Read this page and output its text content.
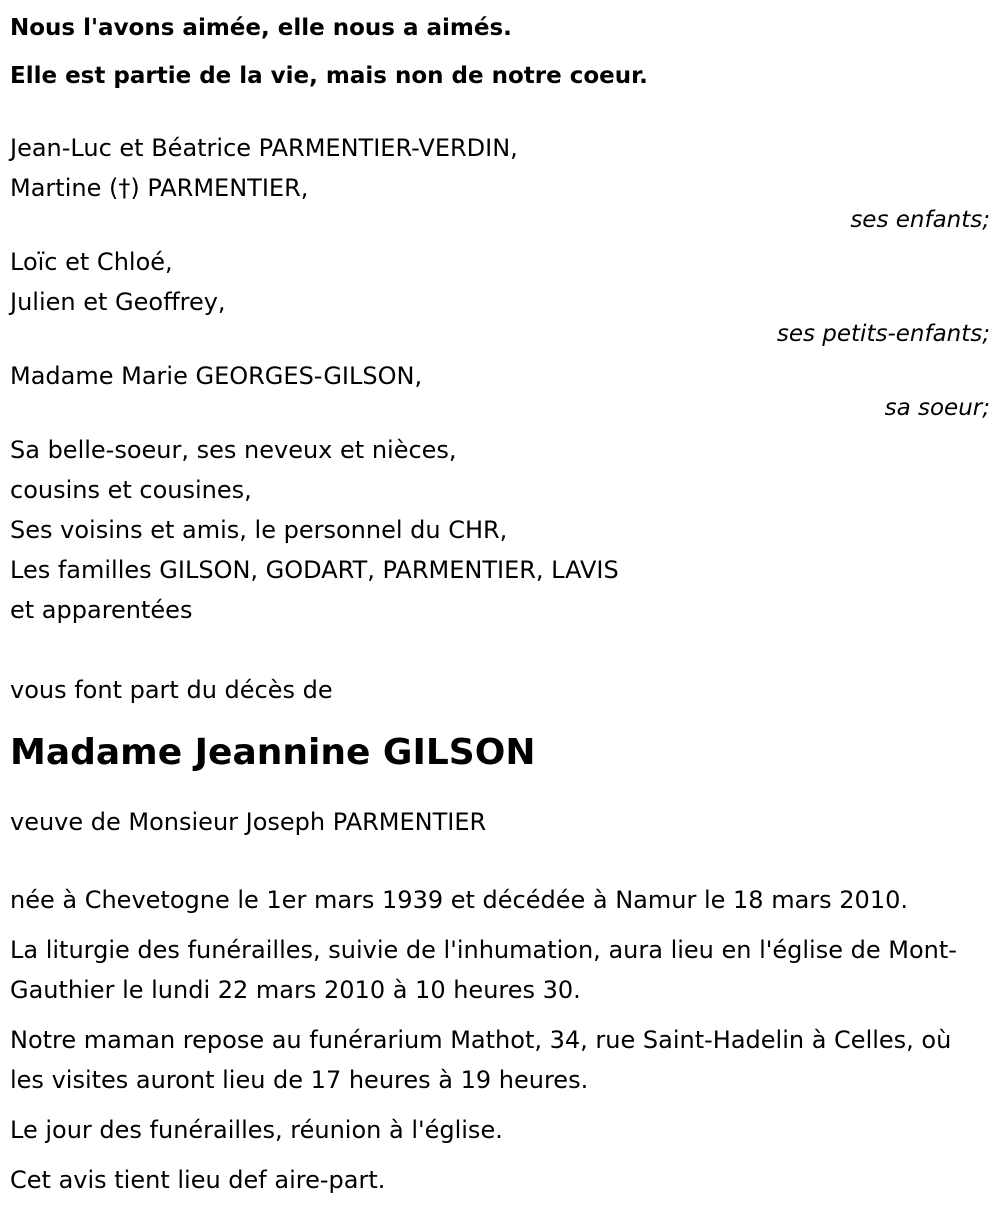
Nous l'avons aimée, elle nous a aimés.
Elle est partie de la vie, mais non de notre coeur.
Jean-Luc et Béatrice PARMENTIER-VERDIN,
Martine (†) PARMENTIER,
ses enfants;
Loïc et Chloé,
Julien et Geoffrey,
ses petits-enfants;
Madame Marie GEORGES-GILSON,
sa soeur;
Sa belle-soeur, ses neveux et nièces,
cousins et cousines,
Ses voisins et amis, le personnel du CHR,
Les familles GILSON, GODART, PARMENTIER, LAVIS
et apparentées
vous font part du décès de
Madame Jeannine GILSON
veuve de Monsieur Joseph PARMENTIER
née à Chevetogne le 1er mars 1939 et décédée à Namur le 18 mars 2010.
La liturgie des funérailles, suivie de l'inhumation, aura lieu en l'église de Mont-Gauthier le lundi 22 mars 2010 à 10 heures 30.
Notre maman repose au funérarium Mathot, 34, rue Saint-Hadelin à Celles, où les visites auront lieu de 17 heures à 19 heures.
Le jour des funérailles, réunion à l'église.
Cet avis tient lieu def aire-part.
